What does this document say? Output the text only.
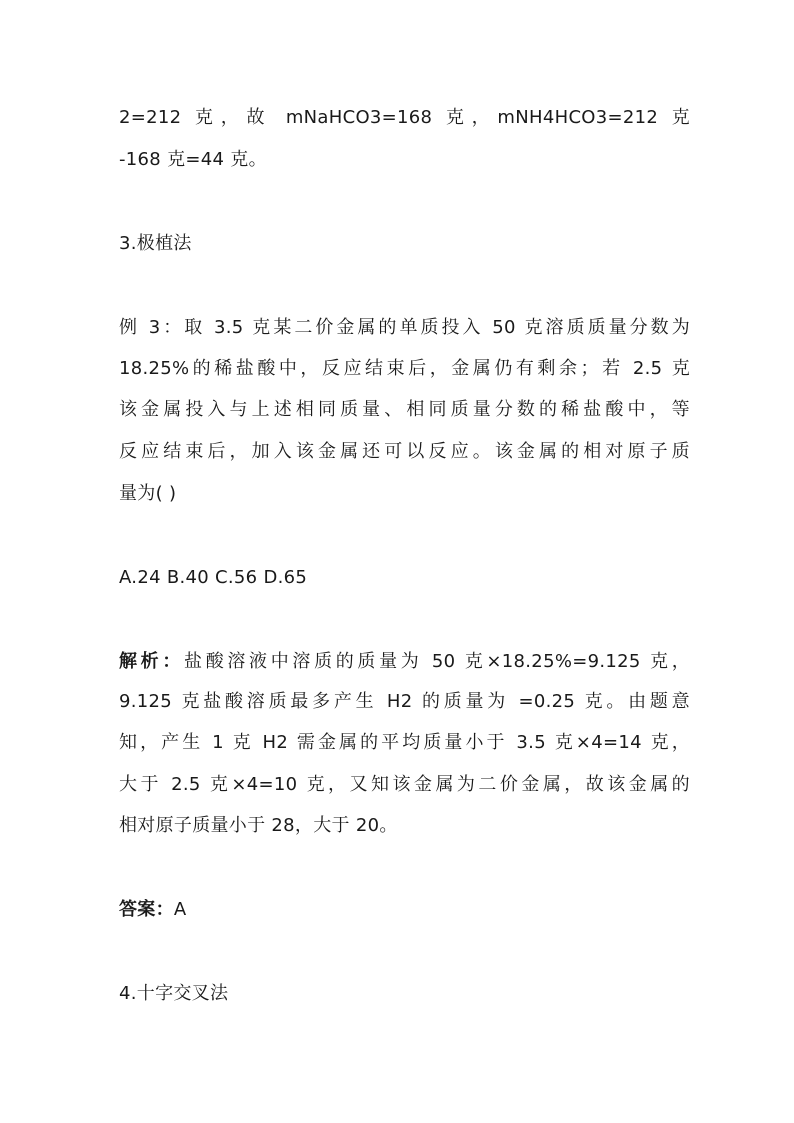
2=212 克，故 mNaHCO3=168 克，mNH4HCO3=212 克
-168 克=44 克。
3.极植法
例 3：取 3.5 克某二价金属的单质投入 50 克溶质质量分数为
18.25%的稀盐酸中，反应结束后，金属仍有剩余；若 2.5 克
该金属投入与上述相同质量、相同质量分数的稀盐酸中，等
反应结束后，加入该金属还可以反应。该金属的相对原子质
量为( )
A.24 B.40 C.56 D.65
解析：盐酸溶液中溶质的质量为 50 克×18.25%=9.125 克，
9.125 克盐酸溶质最多产生 H2 的质量为 =0.25 克。由题意
知，产生 1 克 H2 需金属的平均质量小于 3.5 克×4=14 克，
大于 2.5 克×4=10 克，又知该金属为二价金属，故该金属的
相对原子质量小于 28，大于 20。
答案：A
4.十字交叉法
